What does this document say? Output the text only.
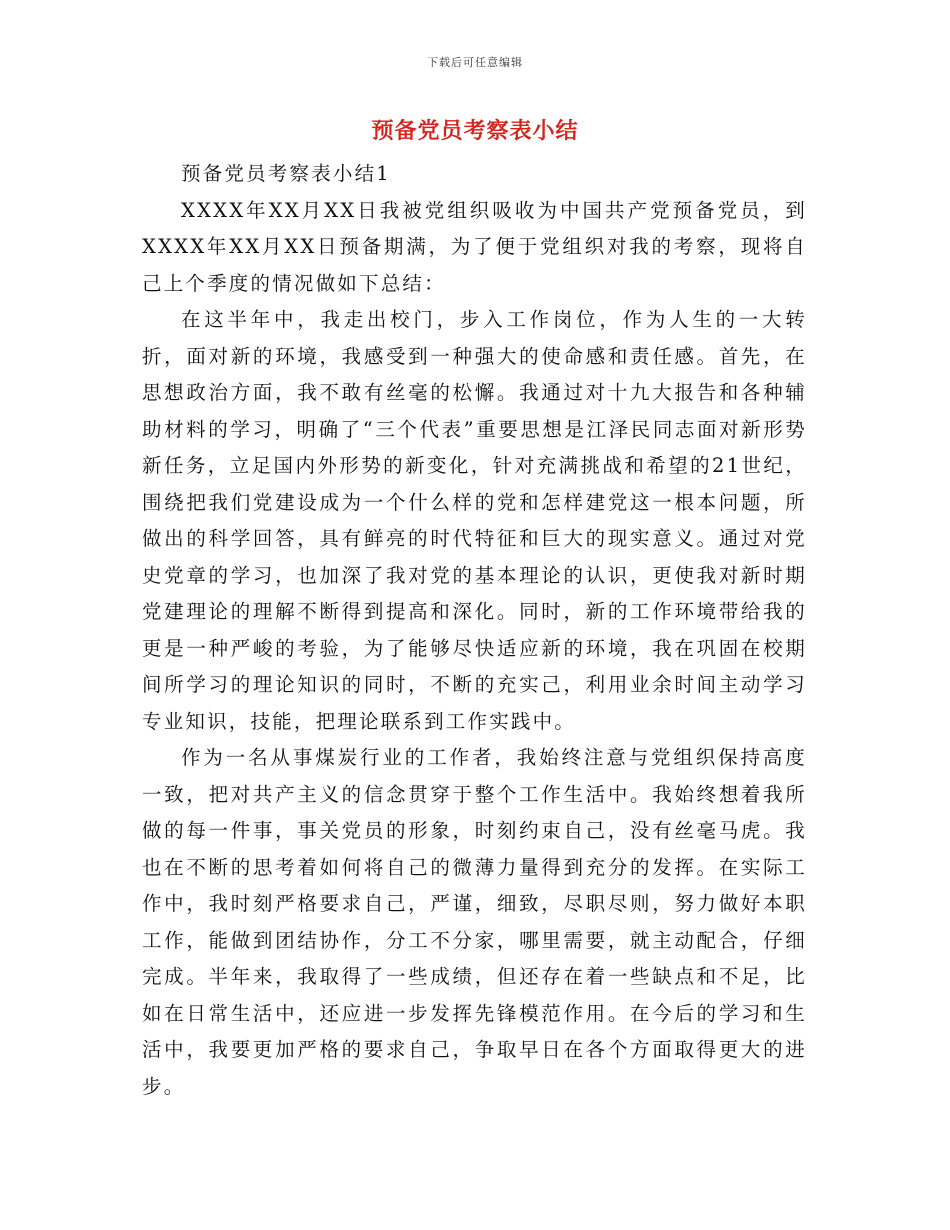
下载后可任意编辑
预备党员考察表小结

预备党员考察表小结1

XXXX年XX月XX日我被党组织吸收为中国共产党预备党员，到XXXX年XX月XX日预备期满，为了便于党组织对我的考察，现将自己上个季度的情况做如下总结：

在这半年中，我走出校门，步入工作岗位，作为人生的一大转折，面对新的环境，我感受到一种强大的使命感和责任感。首先，在思想政治方面，我不敢有丝毫的松懈。我通过对十九大报告和各种辅助材料的学习，明确了“三个代表”重要思想是江泽民同志面对新形势新任务，立足国内外形势的新变化，针对充满挑战和希望的21世纪，围绕把我们党建设成为一个什么样的党和怎样建党这一根本问题，所做出的科学回答，具有鲜亮的时代特征和巨大的现实意义。通过对党史党章的学习，也加深了我对党的基本理论的认识，更使我对新时期党建理论的理解不断得到提高和深化。同时，新的工作环境带给我的更是一种严峻的考验，为了能够尽快适应新的环境，我在巩固在校期间所学习的理论知识的同时，不断的充实己，利用业余时间主动学习专业知识，技能，把理论联系到工作实践中。

作为一名从事煤炭行业的工作者，我始终注意与党组织保持高度一致，把对共产主义的信念贯穿于整个工作生活中。我始终想着我所做的每一件事，事关党员的形象，时刻约束自己，没有丝毫马虎。我也在不断的思考着如何将自己的微薄力量得到充分的发挥。在实际工作中，我时刻严格要求自己，严谨，细致，尽职尽则，努力做好本职工作，能做到团结协作，分工不分家，哪里需要，就主动配合，仔细完成。半年来，我取得了一些成绩，但还存在着一些缺点和不足，比如在日常生活中，还应进一步发挥先锋模范作用。在今后的学习和生活中，我要更加严格的要求自己，争取早日在各个方面取得更大的进步。
